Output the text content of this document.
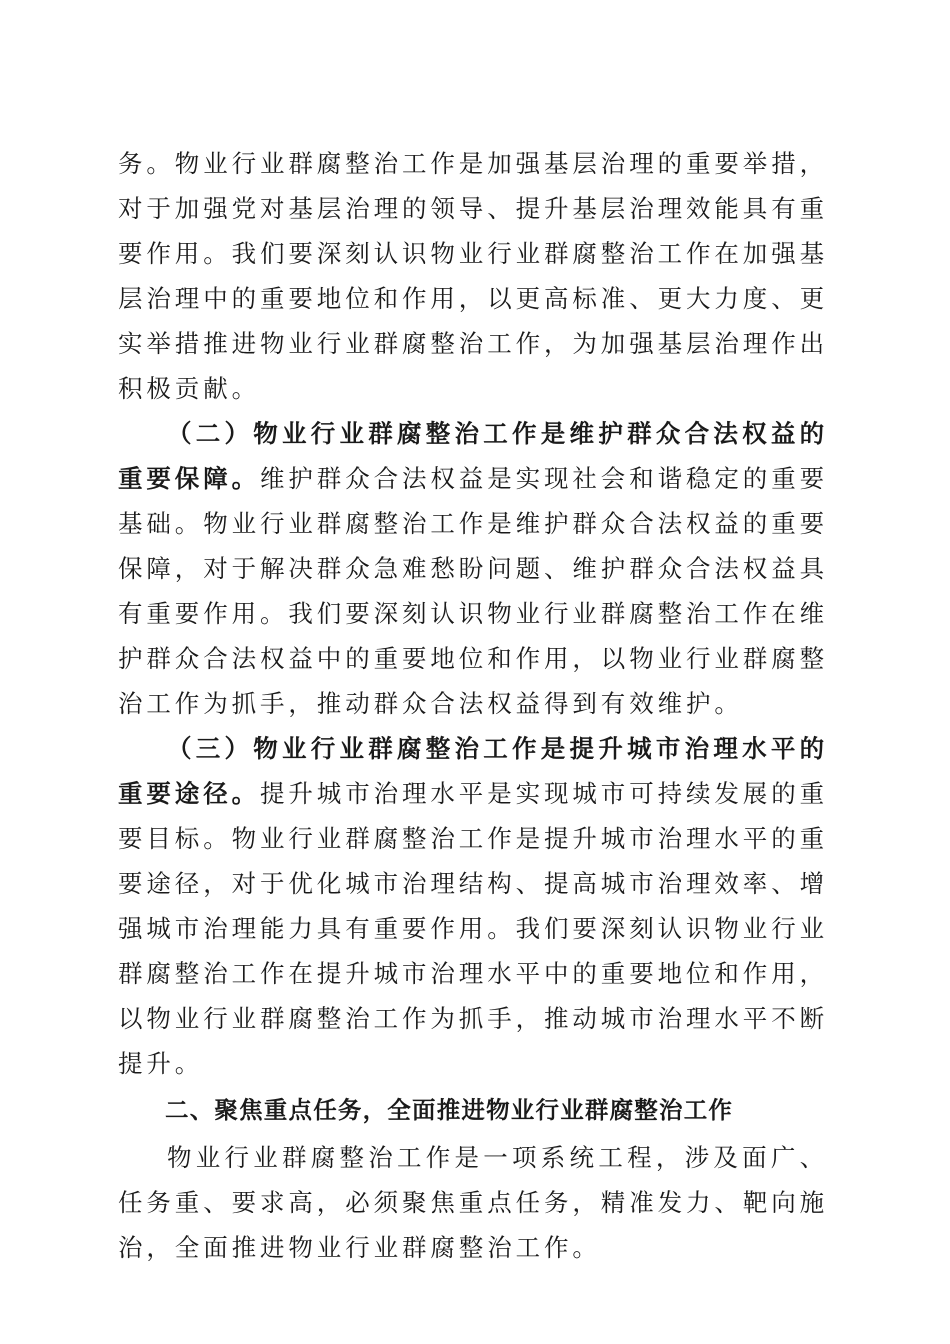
务。物业行业群腐整治工作是加强基层治理的重要举措，对于加强党对基层治理的领导、提升基层治理效能具有重要作用。我们要深刻认识物业行业群腐整治工作在加强基层治理中的重要地位和作用，以更高标准、更大力度、更实举措推进物业行业群腐整治工作，为加强基层治理作出积极贡献。

（二）物业行业群腐整治工作是维护群众合法权益的重要保障。维护群众合法权益是实现社会和谐稳定的重要基础。物业行业群腐整治工作是维护群众合法权益的重要保障，对于解决群众急难愁盼问题、维护群众合法权益具有重要作用。我们要深刻认识物业行业群腐整治工作在维护群众合法权益中的重要地位和作用，以物业行业群腐整治工作为抓手，推动群众合法权益得到有效维护。

（三）物业行业群腐整治工作是提升城市治理水平的重要途径。提升城市治理水平是实现城市可持续发展的重要目标。物业行业群腐整治工作是提升城市治理水平的重要途径，对于优化城市治理结构、提高城市治理效率、增强城市治理能力具有重要作用。我们要深刻认识物业行业群腐整治工作在提升城市治理水平中的重要地位和作用，以物业行业群腐整治工作为抓手，推动城市治理水平不断提升。

二、聚焦重点任务，全面推进物业行业群腐整治工作

物业行业群腐整治工作是一项系统工程，涉及面广、任务重、要求高，必须聚焦重点任务，精准发力、靶向施治，全面推进物业行业群腐整治工作。
